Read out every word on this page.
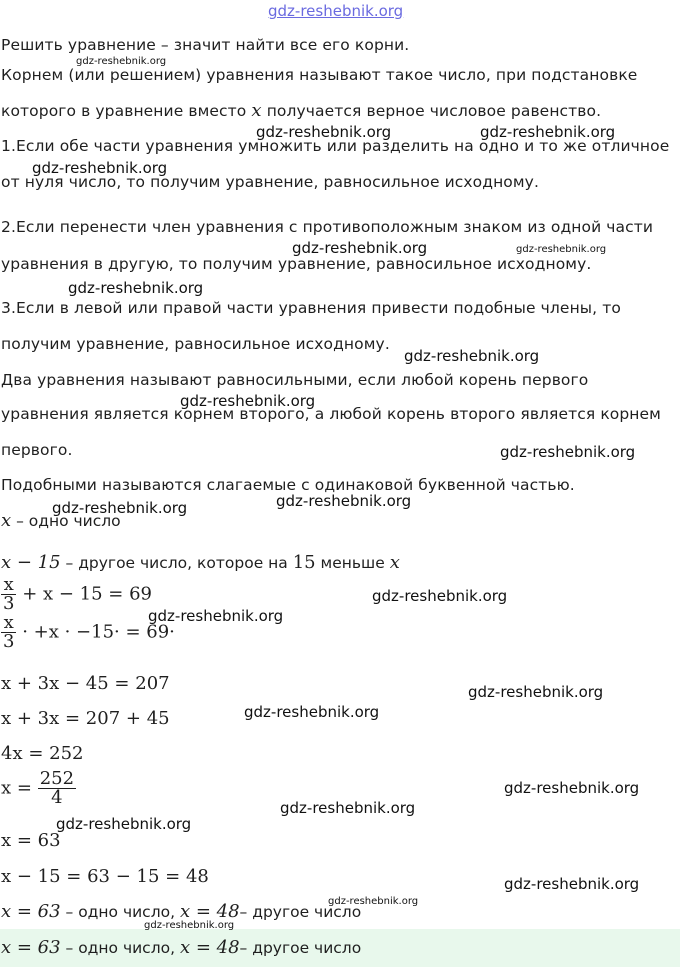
gdz-reshebnik.org
Решить уравнение – значит найти все его корни.
Корнем (или решением) уравнения называют такое число, при подстановке
которого в уравнение вместо x получается верное числовое равенство.
1.Если обе части уравнения умножить или разделить на одно и то же отличное
от нуля число, то получим уравнение, равносильное исходному.
2.Если перенести член уравнения с противоположным знаком из одной части
уравнения в другую, то получим уравнение, равносильное исходному.
3.Если в левой или правой части уравнения привести подобные члены, то
получим уравнение, равносильное исходному.
Два уравнения называют равносильными, если любой корень первого
уравнения является корнем второго, а любой корень второго является корнем
первого.
Подобными называются слагаемые с одинаковой буквенной частью.
x – одно число
x − 15 – другое число, которое на 15 меньше x
$\frac{x}{3} + x - 15 = 69$
$\frac{x}{3} \cdot +x \cdot -15\cdot = 69\cdot$
x + 3x − 45 = 207
x + 3x = 207 + 45
4x = 252
$x = \frac{252}{4}$
x = 63
x − 15 = 63 − 15 = 48
x = 63 – одно число, x = 48– другое число
x = 63 – одно число, x = 48– другое число
gdz-reshebnik.org
gdz-reshebnik.org	gdz-reshebnik.org
gdz-reshebnik.org
gdz-reshebnik.org	gdz-reshebnik.org
gdz-reshebnik.org
gdz-reshebnik.org
gdz-reshebnik.org
gdz-reshebnik.org
gdz-reshebnik.org
gdz-reshebnik.org
gdz-reshebnik.org
gdz-reshebnik.org
gdz-reshebnik.org
gdz-reshebnik.org
gdz-reshebnik.org
gdz-reshebnik.org
gdz-reshebnik.org
gdz-reshebnik.org
gdz-reshebnik.org
gdz-reshebnik.org
